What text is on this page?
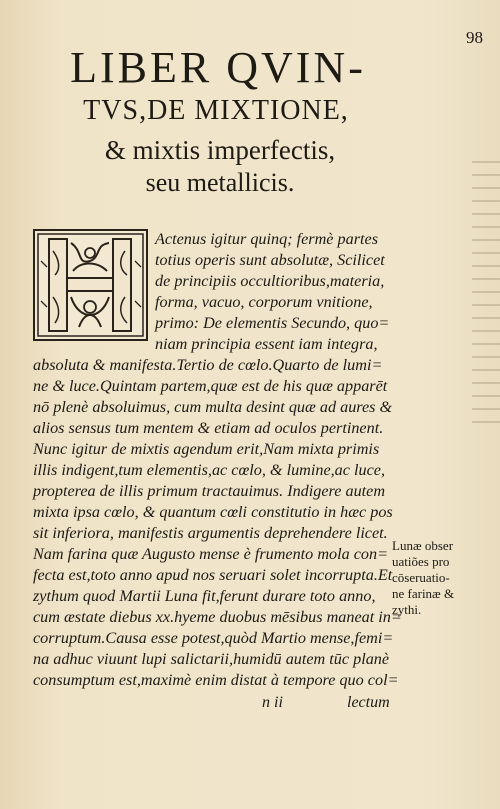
98
LIBER QVIN-
TVS,DE MIXTIONE,
& mixtis imperfectis,
seu metallicis.
Actenus igitur quinq; fermè partes
totius operis sunt absolutæ, Scilicet
de principiis occultioribus,materia,
forma, vacuo, corporum vnitione,
primo: De elementis Secundo, quo=
niam principia essent iam integra,
absoluta & manifesta.Tertio de cœlo.Quarto de lumi=
ne & luce.Quintam partem,quæ est de his quæ apparēt
nō plenè absoluimus, cum multa desint quæ ad aures &
alios sensus tum mentem & etiam ad oculos pertinent.
Nunc igitur de mixtis agendum erit,Nam mixta primis
illis indigent,tum elementis,ac cœlo, & lumine,ac luce,
propterea de illis primum tractauimus. Indigere autem
mixta ipsa cœlo, & quantum cœli constitutio in hæc pos
sit inferiora, manifestis argumentis deprehendere licet.
Nam farina quæ Augusto mense è frumento mola con=
fecta est,toto anno apud nos seruari solet incorrupta.Et
zythum quod Martii Luna fit,ferunt durare toto anno,
cum æstate diebus xx.hyeme duobus mēsibus maneat in=
corruptum.Causa esse potest,quòd Martio mense,femi=
na adhuc viuunt lupi salictarii,humidū autem tūc planè
consumptum est,maximè enim distat à tempore quo col=
Lunæ obser
uatiões pro
cōseruatio-
ne farinæ &
zythi.
n ii	lectum
